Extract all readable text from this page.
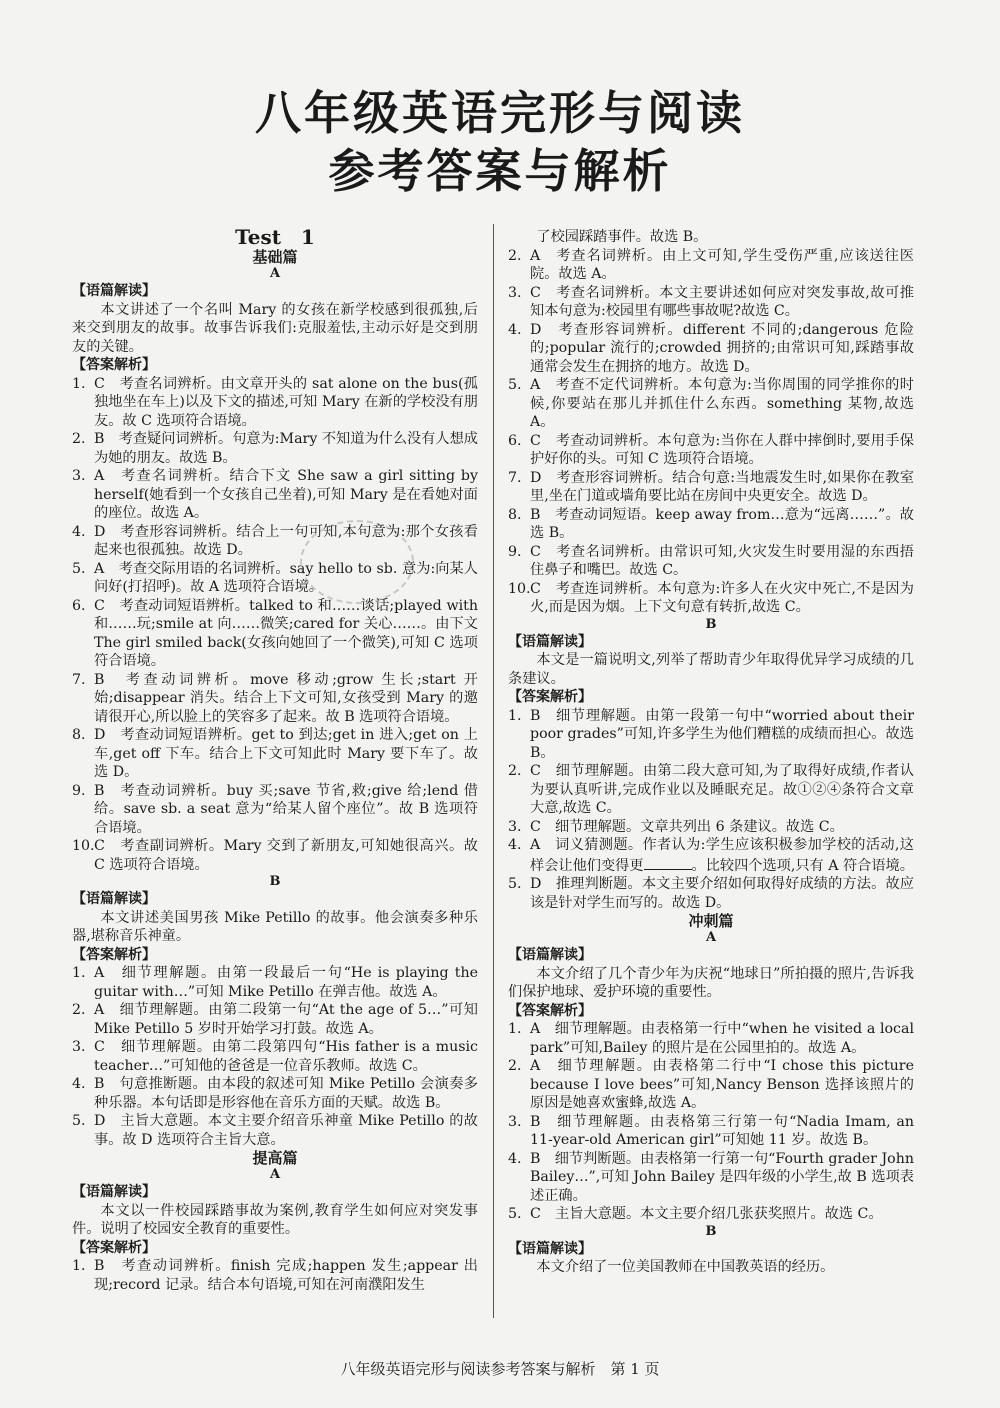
八年级英语完形与阅读
参考答案与解析
Test　1
基础篇
A
【语篇解读】
本文讲述了一个名叫 Mary 的女孩在新学校感到很孤独,后来交到朋友的故事。故事告诉我们:克服羞怯,主动示好是交到朋友的关键。
【答案解析】
1. C　考查名词辨析。由文章开头的 sat alone on the bus(孤独地坐在车上)以及下文的描述,可知 Mary 在新的学校没有朋友。故 C 选项符合语境。
2. B　考查疑问词辨析。句意为:Mary 不知道为什么没有人想成为她的朋友。故选 B。
3. A　考查名词辨析。结合下文 She saw a girl sitting by herself(她看到一个女孩自己坐着),可知 Mary 是在看她对面的座位。故选 A。
4. D　考查形容词辨析。结合上一句可知,本句意为:那个女孩看起来也很孤独。故选 D。
5. A　考查交际用语的名词辨析。say hello to sb. 意为:向某人问好(打招呼)。故 A 选项符合语境。
6. C　考查动词短语辨析。talked to 和……谈话;played with 和……玩;smile at 向……微笑;cared for 关心……。由下文 The girl smiled back(女孩向她回了一个微笑),可知 C 选项符合语境。
7. B　考查动词辨析。move 移动;grow 生长;start 开始;disappear 消失。结合上下文可知,女孩受到 Mary 的邀请很开心,所以脸上的笑容多了起来。故 B 选项符合语境。
8. D　考查动词短语辨析。get to 到达;get in 进入;get on 上车,get off 下车。结合上下文可知此时 Mary 要下车了。故选 D。
9. B　考查动词辨析。buy 买;save 节省,救;give 给;lend 借给。save sb. a seat 意为“给某人留个座位”。故 B 选项符合语境。
10.C　考查副词辨析。Mary 交到了新朋友,可知她很高兴。故 C 选项符合语境。
B
【语篇解读】
本文讲述美国男孩 Mike Petillo 的故事。他会演奏多种乐器,堪称音乐神童。
【答案解析】
1. A　细节理解题。由第一段最后一句“He is playing the guitar with…”可知 Mike Petillo 在弹吉他。故选 A。
2. A　细节理解题。由第二段第一句“At the age of 5…”可知 Mike Petillo 5 岁时开始学习打鼓。故选 A。
3. C　细节理解题。由第二段第四句“His father is a music teacher…”可知他的爸爸是一位音乐教师。故选 C。
4. B　句意推断题。由本段的叙述可知 Mike Petillo 会演奏多种乐器。本句话即是形容他在音乐方面的天赋。故选 B。
5. D　主旨大意题。本文主要介绍音乐神童 Mike Petillo 的故事。故 D 选项符合主旨大意。
提高篇
A
【语篇解读】
本文以一件校园踩踏事故为案例,教育学生如何应对突发事件。说明了校园安全教育的重要性。
【答案解析】
1. B　考查动词辨析。finish 完成;happen 发生;appear 出现;record 记录。结合本句语境,可知在河南濮阳发生
　　了校园踩踏事件。故选 B。
2. A　考查名词辨析。由上文可知,学生受伤严重,应该送往医院。故选 A。
3. C　考查名词辨析。本文主要讲述如何应对突发事故,故可推知本句意为:校园里有哪些事故呢?故选 C。
4. D　考查形容词辨析。different 不同的;dangerous 危险的;popular 流行的;crowded 拥挤的;由常识可知,踩踏事故通常会发生在拥挤的地方。故选 D。
5. A　考查不定代词辨析。本句意为:当你周围的同学推你的时候,你要站在那儿并抓住什么东西。something 某物,故选 A。
6. C　考查动词辨析。本句意为:当你在人群中摔倒时,要用手保护好你的头。可知 C 选项符合语境。
7. D　考查形容词辨析。结合句意:当地震发生时,如果你在教室里,坐在门道或墙角要比站在房间中央更安全。故选 D。
8. B　考查动词短语。keep away from…意为“远离……”。故选 B。
9. C　考查名词辨析。由常识可知,火灾发生时要用湿的东西捂住鼻子和嘴巴。故选 C。
10.C　考查连词辨析。本句意为:许多人在火灾中死亡,不是因为火,而是因为烟。上下文句意有转折,故选 C。
B
【语篇解读】
本文是一篇说明文,列举了帮助青少年取得优异学习成绩的几条建议。
【答案解析】
1. B　细节理解题。由第一段第一句中“worried about their poor grades”可知,许多学生为他们糟糕的成绩而担心。故选 B。
2. C　细节理解题。由第二段大意可知,为了取得好成绩,作者认为要认真听讲,完成作业以及睡眠充足。故①②④条符合文章大意,故选 C。
3. C　细节理解题。文章共列出 6 条建议。故选 C。
4. A　词义猜测题。作者认为:学生应该积极参加学校的活动,这样会让他们变得更	。比较四个选项,只有 A 符合语境。
5. D　推理判断题。本文主要介绍如何取得好成绩的方法。故应该是针对学生而写的。故选 D。
冲刺篇
A
【语篇解读】
本文介绍了几个青少年为庆祝“地球日”所拍摄的照片,告诉我们保护地球、爱护环境的重要性。
【答案解析】
1. A　细节理解题。由表格第一行中“when he visited a local park”可知,Bailey 的照片是在公园里拍的。故选 A。
2. A　细节理解题。由表格第二行中“I chose this picture because I love bees”可知,Nancy Benson 选择该照片的原因是她喜欢蜜蜂,故选 A。
3. B　细节理解题。由表格第三行第一句“Nadia Imam, an 11-year-old American girl”可知她 11 岁。故选 B。
4. B　细节判断题。由表格第一行第一句“Fourth grader John Bailey…”,可知 John Bailey 是四年级的小学生,故 B 选项表述正确。
5. C　主旨大意题。本文主要介绍几张获奖照片。故选 C。
B
【语篇解读】
本文介绍了一位美国教师在中国教英语的经历。
八年级英语完形与阅读参考答案与解析　第 1 页
